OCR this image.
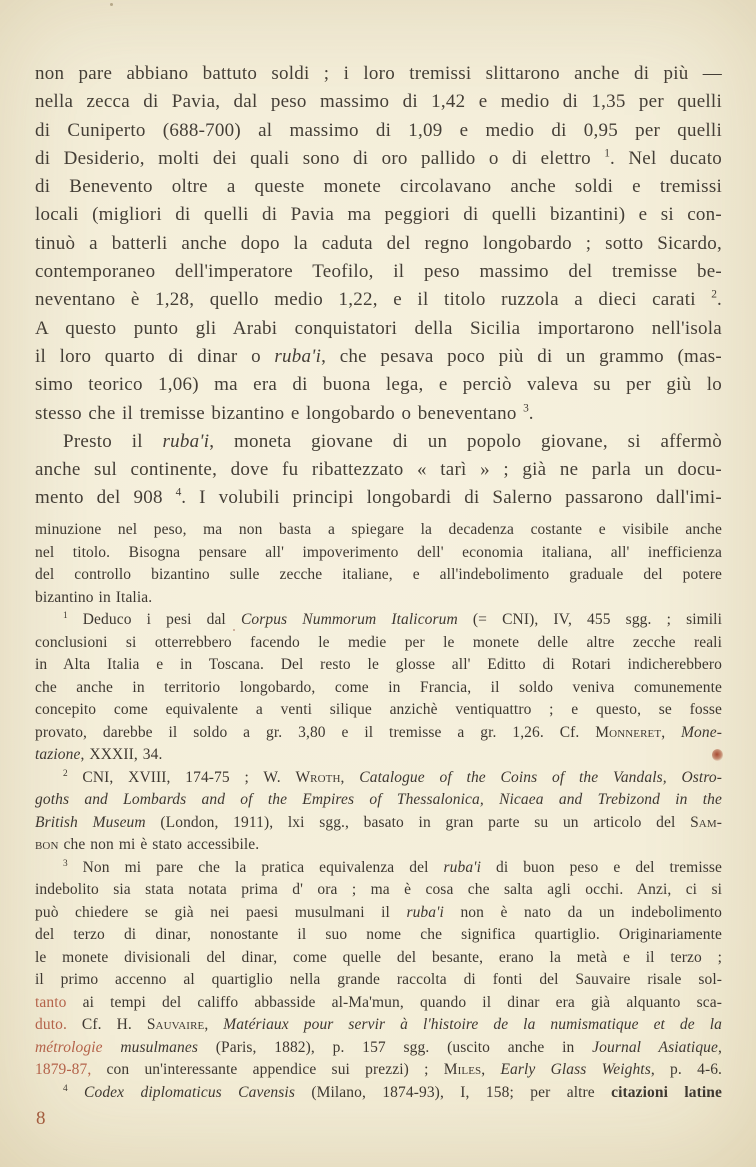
non pare abbiano battuto soldi ; i loro tremissi slittarono anche di più —
nella zecca di Pavia, dal peso massimo di 1,42 e medio di 1,35 per quelli
di Cuniperto (688-700) al massimo di 1,09 e medio di 0,95 per quelli
di Desiderio, molti dei quali sono di oro pallido o di elettro $^1$. Nel ducato
di Benevento oltre a queste monete circolavano anche soldi e tremissi
locali (migliori di quelli di Pavia ma peggiori di quelli bizantini) e si con-
tinuò a batterli anche dopo la caduta del regno longobardo ; sotto Sicardo,
contemporaneo dell'imperatore Teofilo, il peso massimo del tremisse be-
neventano è 1,28, quello medio 1,22, e il titolo ruzzola a dieci carati $^2$.
A questo punto gli Arabi conquistatori della Sicilia importarono nell'isola
il loro quarto di dinar o ruba'i, che pesava poco più di un grammo (mas-
simo teorico 1,06) ma era di buona lega, e perciò valeva su per giù lo
stesso che il tremisse bizantino e longobardo o beneventano $^3$.
Presto il ruba'i, moneta giovane di un popolo giovane, si affermò
anche sul continente, dove fu ribattezzato « tarì » ; già ne parla un docu-
mento del 908 $^4$. I volubili principi longobardi di Salerno passarono dall'imi-
minuzione nel peso, ma non basta a spiegare la decadenza costante e visibile anche
nel titolo. Bisogna pensare all' impoverimento dell' economia italiana, all' inefficienza
del controllo bizantino sulle zecche italiane, e all'indebolimento graduale del potere
bizantino in Italia.
$^1$ Deduco i pesi dal Corpus Nummorum Italicorum (= CNI), IV, 455 sgg. ; simili
conclusioni si otterrebbero facendo le medie per le monete delle altre zecche reali
in Alta Italia e in Toscana. Del resto le glosse all' Editto di Rotari indicherebbero
che anche in territorio longobardo, come in Francia, il soldo veniva comunemente
concepito come equivalente a venti silique anzichè ventiquattro ; e questo, se fosse
provato, darebbe il soldo a gr. 3,80 e il tremisse a gr. 1,26. Cf. Monneret, Mone-
tazione, XXXII, 34.
$^2$ CNI, XVIII, 174-75 ; W. Wroth, Catalogue of the Coins of the Vandals, Ostro-
goths and Lombards and of the Empires of Thessalonica, Nicaea and Trebizond in the
British Museum (London, 1911), lxi sgg., basato in gran parte su un articolo del Sam-
bon che non mi è stato accessibile.
$^3$ Non mi pare che la pratica equivalenza del ruba'i di buon peso e del tremisse
indebolito sia stata notata prima d' ora ; ma è cosa che salta agli occhi. Anzi, ci si
può chiedere se già nei paesi musulmani il ruba'i non è nato da un indebolimento
del terzo di dinar, nonostante il suo nome che significa quartiglio. Originariamente
le monete divisionali del dinar, come quelle del besante, erano la metà e il terzo ;
il primo accenno al quartiglio nella grande raccolta di fonti del Sauvaire risale sol-
tanto ai tempi del califfo abbasside al-Ma'mun, quando il dinar era già alquanto sca-
duto. Cf. H. Sauvaire, Matériaux pour servir à l'histoire de la numismatique et de la
métrologie musulmanes (Paris, 1882), p. 157 sgg. (uscito anche in Journal Asiatique,
1879-87, con un'interessante appendice sui prezzi) ; Miles, Early Glass Weights, p. 4-6.
$^4$ Codex diplomaticus Cavensis (Milano, 1874-93), I, 158; per altre citazioni latine
8
